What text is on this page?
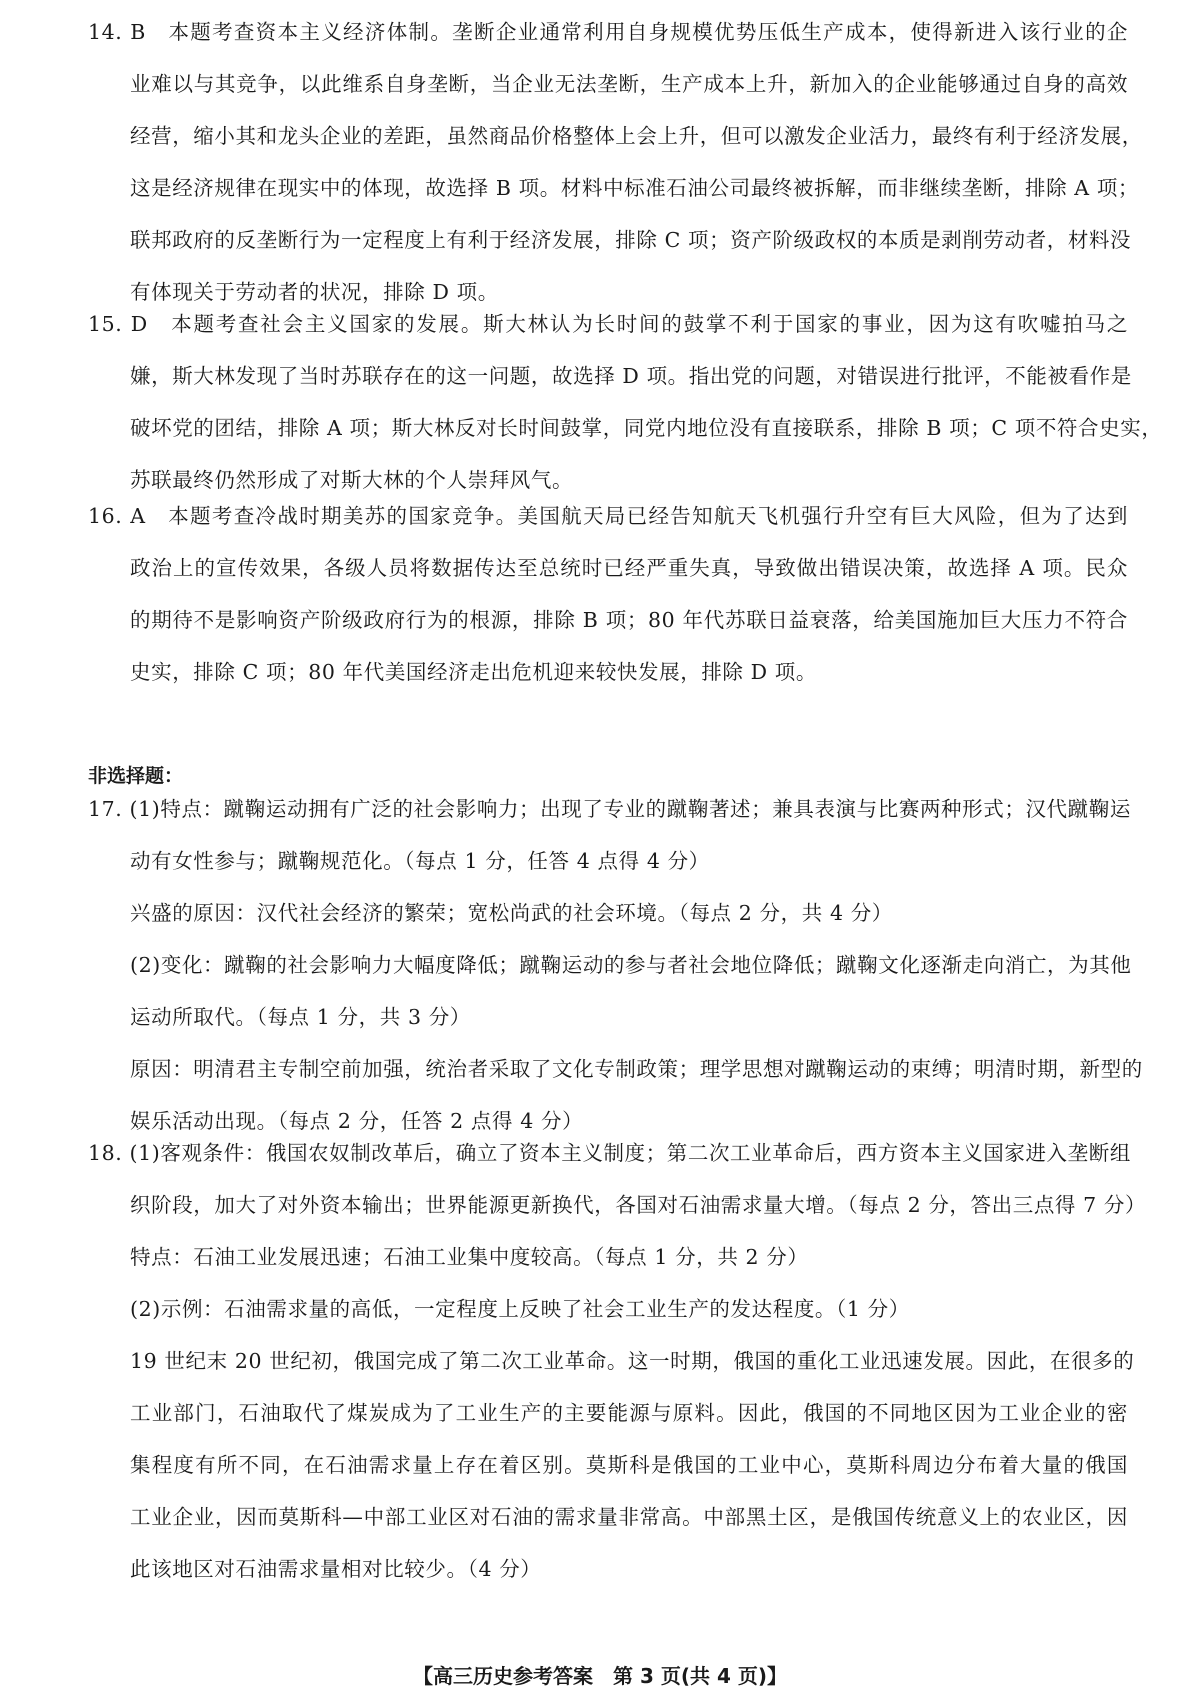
14. B　本题考查资本主义经济体制。垄断企业通常利用自身规模优势压低生产成本，使得新进入该行业的企
业难以与其竞争，以此维系自身垄断，当企业无法垄断，生产成本上升，新加入的企业能够通过自身的高效
经营，缩小其和龙头企业的差距，虽然商品价格整体上会上升，但可以激发企业活力，最终有利于经济发展，
这是经济规律在现实中的体现，故选择 B 项。材料中标准石油公司最终被拆解，而非继续垄断，排除 A 项；
联邦政府的反垄断行为一定程度上有利于经济发展，排除 C 项；资产阶级政权的本质是剥削劳动者，材料没
有体现关于劳动者的状况，排除 D 项。
15. D　本题考查社会主义国家的发展。斯大林认为长时间的鼓掌不利于国家的事业，因为这有吹嘘拍马之
嫌，斯大林发现了当时苏联存在的这一问题，故选择 D 项。指出党的问题，对错误进行批评，不能被看作是
破坏党的团结，排除 A 项；斯大林反对长时间鼓掌，同党内地位没有直接联系，排除 B 项；C 项不符合史实，
苏联最终仍然形成了对斯大林的个人崇拜风气。
16. A　本题考查冷战时期美苏的国家竞争。美国航天局已经告知航天飞机强行升空有巨大风险，但为了达到
政治上的宣传效果，各级人员将数据传达至总统时已经严重失真，导致做出错误决策，故选择 A 项。民众
的期待不是影响资产阶级政府行为的根源，排除 B 项；80 年代苏联日益衰落，给美国施加巨大压力不符合
史实，排除 C 项；80 年代美国经济走出危机迎来较快发展，排除 D 项。
非选择题：
17. (1)特点：蹴鞠运动拥有广泛的社会影响力；出现了专业的蹴鞠著述；兼具表演与比赛两种形式；汉代蹴鞠运
动有女性参与；蹴鞠规范化。（每点 1 分，任答 4 点得 4 分）
兴盛的原因：汉代社会经济的繁荣；宽松尚武的社会环境。（每点 2 分，共 4 分）
(2)变化：蹴鞠的社会影响力大幅度降低；蹴鞠运动的参与者社会地位降低；蹴鞠文化逐渐走向消亡，为其他
运动所取代。（每点 1 分，共 3 分）
原因：明清君主专制空前加强，统治者采取了文化专制政策；理学思想对蹴鞠运动的束缚；明清时期，新型的
娱乐活动出现。（每点 2 分，任答 2 点得 4 分）
18. (1)客观条件：俄国农奴制改革后，确立了资本主义制度；第二次工业革命后，西方资本主义国家进入垄断组
织阶段，加大了对外资本输出；世界能源更新换代，各国对石油需求量大增。（每点 2 分，答出三点得 7 分）
特点：石油工业发展迅速；石油工业集中度较高。（每点 1 分，共 2 分）
(2)示例：石油需求量的高低，一定程度上反映了社会工业生产的发达程度。（1 分）
19 世纪末 20 世纪初，俄国完成了第二次工业革命。这一时期，俄国的重化工业迅速发展。因此，在很多的
工业部门，石油取代了煤炭成为了工业生产的主要能源与原料。因此，俄国的不同地区因为工业企业的密
集程度有所不同，在石油需求量上存在着区别。莫斯科是俄国的工业中心，莫斯科周边分布着大量的俄国
工业企业，因而莫斯科—中部工业区对石油的需求量非常高。中部黑土区，是俄国传统意义上的农业区，因
此该地区对石油需求量相对比较少。（4 分）
【高三历史参考答案　第 3 页(共 4 页)】
